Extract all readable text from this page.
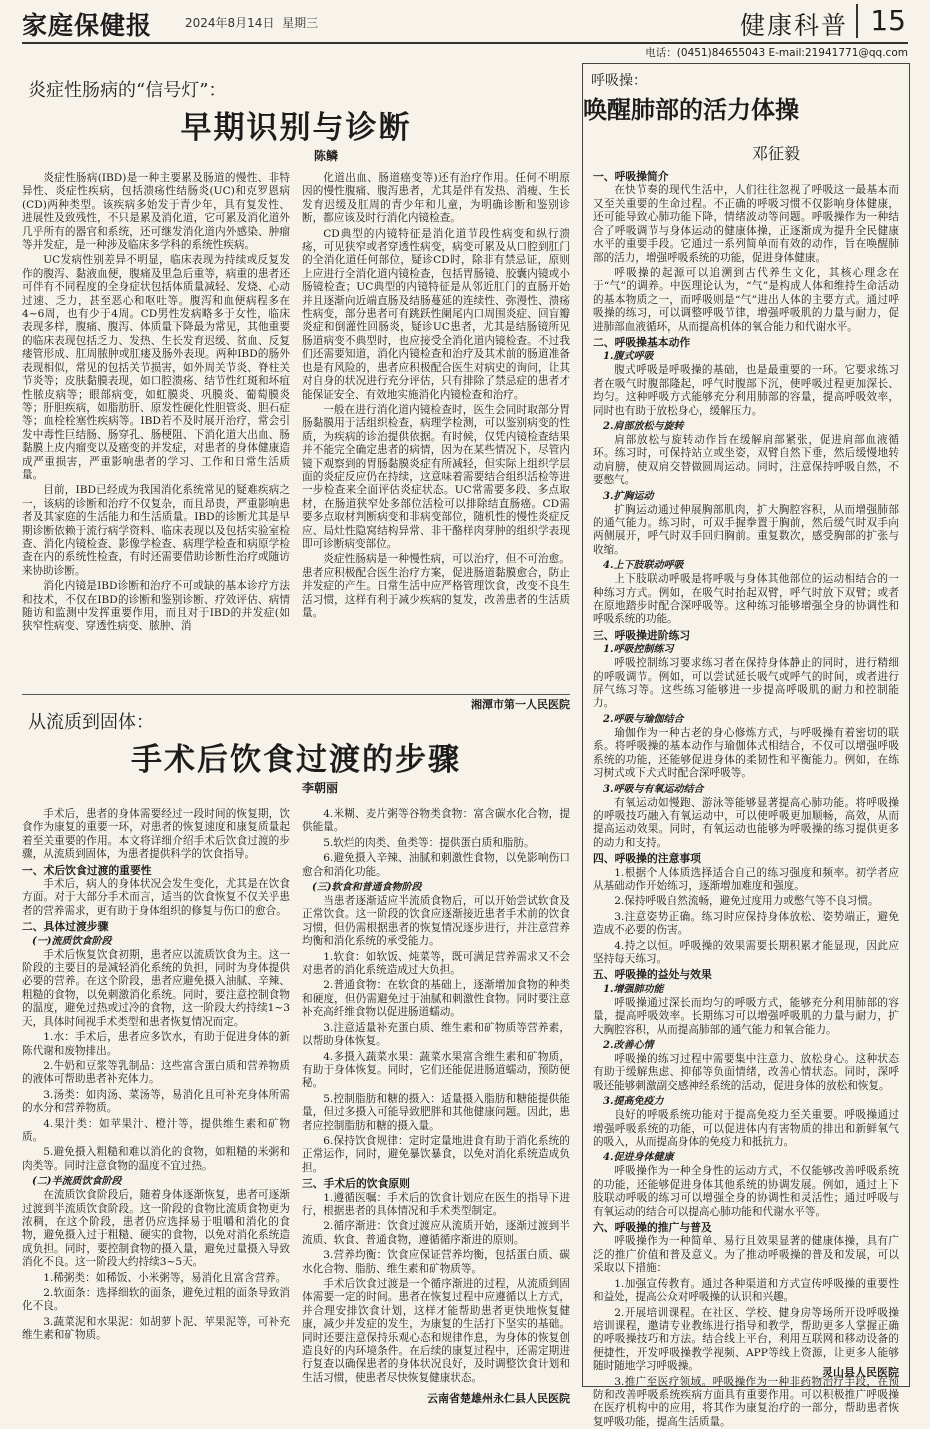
家庭保健报	2024年8月14日 星期三	健康科普 15
电话：(0451)84655043 E-mail:21941771@qq.com
炎症性肠病的“信号灯”：
早期识别与诊断
陈鳞

炎症性肠病(IBD)是一种主要累及肠道的慢性、非特异性、炎症性疾病，包括溃疡性结肠炎(UC)和克罗恩病(CD)两种类型。该疾病多始发于青少年，具有复发性、进展性及致残性，不只是累及消化道，它可累及消化道外几乎所有的器官和系统，还可继发消化道内外感染、肿瘤等并发症，是一种涉及临床多学科的系统性疾病。

UC发病性别差异不明显，临床表现为持续或反复发作的腹泻、黏液血便，腹痛及里急后重等，病重的患者还可伴有不同程度的全身症状包括体质量减轻、发烧、心动过速、乏力，甚至恶心和呕吐等。腹泻和血便病程多在4~6周，也有少于4周。CD男性发病略多于女性，临床表现多样，腹痛、腹泻、体质量下降最为常见，其他重要的临床表现包括乏力、发热、生长发育迟缓、贫血、反复瘘管形成、肛周脓肿或肛瘘及肠外表现。两种IBD的肠外表现相似，常见的包括关节损害，如外周关节炎、脊柱关节炎等；皮肤黏膜表现，如口腔溃疡、结节性红斑和坏疽性脓皮病等；眼部病变，如虹膜炎、巩膜炎、葡萄膜炎等；肝胆疾病，如脂肪肝、原发性硬化性胆管炎、胆石症等；血栓栓塞性疾病等。IBD若不及时展开治疗，常会引发中毒性巨结肠、肠穿孔、肠梗阻、下消化道大出血、肠黏膜上皮内瘤变以及癌变的并发症，对患者的身体健康造成严重损害，严重影响患者的学习、工作和日常生活质量。

目前，IBD已经成为我国消化系统常见的疑难疾病之一，该病的诊断和治疗不仅复杂，而且昂贵，严重影响患者及其家庭的生活能力和生活质量。IBD的诊断尤其是早期诊断依赖于流行病学资料、临床表现以及包括实验室检查、消化内镜检查、影像学检查、病理学检查和病原学检查在内的系统性检查，有时还需要借助诊断性治疗或随访来协助诊断。

消化内镜是IBD诊断和治疗不可或缺的基本诊疗方法和技术，不仅在IBD的诊断和鉴别诊断、疗效评估、病情随访和监测中发挥重要作用，而且对于IBD的并发症(如狭窄性病变、穿透性病变、脓肿、消

化道出血、肠道癌变等)还有治疗作用。任何不明原因的慢性腹痛、腹泻患者，尤其是伴有发热、消瘦、生长发育迟缓及肛周的青少年和儿童，为明确诊断和鉴别诊断，都应该及时行消化内镜检查。

CD典型的内镜特征是消化道节段性病变和纵行溃疡，可见狭窄或者穿透性病变，病变可累及从口腔到肛门的全消化道任何部位，疑诊CD时，除非有禁忌证，原则上应进行全消化道内镜检查，包括胃肠镜、胶囊内镜或小肠镜检查；UC典型的内镜特征是从邻近肛门的直肠开始并且逐渐向近端直肠及结肠蔓延的连续性、弥漫性、溃疡性病变，部分患者可有跳跃性阑尾内口周围炎症、回盲瓣炎症和倒灌性回肠炎，疑诊UC患者，尤其是结肠镜所见肠道病变不典型时，也应接受全消化道内镜检查。不过我们还需要知道，消化内镜检查和治疗及其术前的肠道准备也是有风险的，患者应积极配合医生对病史的询问，让其对自身的状况进行充分评估，只有排除了禁忌症的患者才能保证安全、有效地实施消化内镜检查和治疗。

一般在进行消化道内镜检查时，医生会同时取部分胃肠黏膜用于活组织检查，病理学检测，可以鉴别病变的性质，为疾病的诊治提供依据。有时候，仅凭内镜检查结果并不能完全确定患者的病情，因为在某些情况下，尽管内镜下观察到的胃肠黏膜炎症有所减轻，但实际上组织学层面的炎症反应仍在持续，这意味着需要结合组织活检等进一步检查来全面评估炎症状态。UC常需要多段、多点取材，在肠道狭窄处多部位活检可以排除结直肠癌。CD需要多点取材判断病变和非病变部位，随机性的慢性炎症反应、局灶性隐窝结构异常、非干酪样肉芽肿的组织学表现即可诊断病变部位。

炎症性肠病是一种慢性病，可以治疗，但不可治愈。患者应积极配合医生治疗方案，促进肠道黏膜愈合，防止并发症的产生。日常生活中应严格管理饮食，改变不良生活习惯，这样有利于减少疾病的复发，改善患者的生活质量。

湘潭市第一人民医院
从流质到固体：
手术后饮食过渡的步骤
李朝丽

手术后，患者的身体需要经过一段时间的恢复期，饮食作为康复的重要一环，对患者的恢复速度和康复质量起着至关重要的作用。本文将详细介绍手术后饮食过渡的步骤，从流质到固体，为患者提供科学的饮食指导。

一、术后饮食过渡的重要性

手术后，病人的身体状况会发生变化，尤其是在饮食方面。对于大部分手术而言，适当的饮食恢复不仅关乎患者的营养需求，更有助于身体组织的修复与伤口的愈合。

二、具体过渡步骤
(一)流质饮食阶段

手术后恢复饮食初期，患者应以流质饮食为主。这一阶段的主要目的是减轻消化系统的负担，同时为身体提供必要的营养。在这个阶段，患者应避免摄入油腻、辛辣、粗糙的食物，以免刺激消化系统。同时，要注意控制食物的温度，避免过热或过冷的食物，这一阶段大约持续1~3天，具体时间视手术类型和患者恢复情况而定。

1.水：手术后，患者应多饮水，有助于促进身体的新陈代谢和废物排出。

2.牛奶和豆浆等乳制品：这些富含蛋白质和营养物质的液体可帮助患者补充体力。

3.汤类：如肉汤、菜汤等，易消化且可补充身体所需的水分和营养物质。

4.果汁类：如苹果汁、橙汁等，提供维生素和矿物质。

5.避免摄入粗糙和难以消化的食物，如粗糙的米粥和肉类等。同时注意食物的温度不宜过热。

(二)半流质饮食阶段

在流质饮食阶段后，随着身体逐渐恢复，患者可逐渐过渡到半流质饮食阶段。这一阶段的食物比流质食物更为浓稠，在这个阶段，患者仍应选择易于咀嚼和消化的食物，避免摄入过于粗糙、硬实的食物，以免对消化系统造成负担。同时，要控制食物的摄入量，避免过量摄入导致消化不良。这一阶段大约持续3~5天。

1.稀粥类：如稀饭、小米粥等，易消化且富含营养。

2.软面条：选择细软的面条，避免过粗的面条导致消化不良。

3.蔬菜泥和水果泥：如胡萝卜泥、苹果泥等，可补充维生素和矿物质。

4.米糊、麦片粥等谷物类食物：富含碳水化合物，提供能量。

5.软烂的肉类、鱼类等：提供蛋白质和脂肪。

6.避免摄入辛辣、油腻和刺激性食物，以免影响伤口愈合和消化功能。

(三)软食和普通食物阶段

当患者逐渐适应半流质食物后，可以开始尝试软食及正常饮食。这一阶段的饮食应逐渐接近患者手术前的饮食习惯，但仍需根据患者的恢复情况逐步进行，并注意营养均衡和消化系统的承受能力。

1.软食：如软饭、炖菜等，既可满足营养需求又不会对患者的消化系统造成过大负担。

2.普通食物：在软食的基础上，逐渐增加食物的种类和硬度，但仍需避免过于油腻和刺激性食物。同时要注意补充高纤维食物以促进肠道蠕动。

3.注意适量补充蛋白质、维生素和矿物质等营养素，以帮助身体恢复。

4.多摄入蔬菜水果：蔬菜水果富含维生素和矿物质，有助于身体恢复。同时，它们还能促进肠道蠕动，预防便秘。

5.控制脂肪和糖的摄入：适量摄入脂肪和糖能提供能量，但过多摄入可能导致肥胖和其他健康问题。因此，患者应控制脂肪和糖的摄入量。

6.保持饮食规律：定时定量地进食有助于消化系统的正常运作，同时，避免暴饮暴食，以免对消化系统造成负担。

三、手术后的饮食原则

1.遵循医嘱：手术后的饮食计划应在医生的指导下进行，根据患者的具体情况和手术类型制定。

2.循序渐进：饮食过渡应从流质开始，逐渐过渡到半流质、软食、普通食物，遵循循序渐进的原则。

3.营养均衡：饮食应保证营养均衡，包括蛋白质、碳水化合物、脂肪、维生素和矿物质等。

手术后饮食过渡是一个循序渐进的过程，从流质到固体需要一定的时间。患者在恢复过程中应遵循以上方式，并合理安排饮食计划，这样才能帮助患者更快地恢复健康，减少并发症的发生，为康复的生活打下坚实的基础。同时还要注意保持乐观心态和规律作息，为身体的恢复创造良好的内环境条件。在后续的康复过程中，还需定期进行复查以确保患者的身体状况良好，及时调整饮食计划和生活习惯，使患者尽快恢复健康状态。

云南省楚雄州永仁县人民医院
呼吸操：
唤醒肺部的活力体操
邓征毅
一、呼吸操简介

在快节奏的现代生活中，人们往往忽视了呼吸这一最基本而又至关重要的生命过程。不正确的呼吸习惯不仅影响身体健康，还可能导致心肺功能下降，情绪波动等问题。呼吸操作为一种结合了呼吸调节与身体运动的健康体操，正逐渐成为提升全民健康水平的重要手段。它通过一系列简单而有效的动作，旨在唤醒肺部的活力，增强呼吸系统的功能，促进身体健康。

呼吸操的起源可以追溯到古代养生文化，其核心理念在于“气”的调养。中医理论认为，“气”是构成人体和维持生命活动的基本物质之一，而呼吸则是“气”进出人体的主要方式。通过呼吸操的练习，可以调整呼吸节律，增强呼吸肌的力量与耐力，促进肺部血液循环，从而提高机体的氧合能力和代谢水平。

二、呼吸操基本动作
1.腹式呼吸

腹式呼吸是呼吸操的基础，也是最重要的一环。它要求练习者在吸气时腹部隆起，呼气时腹部下沉，使呼吸过程更加深长、均匀。这种呼吸方式能够充分利用肺部的容量，提高呼吸效率，同时也有助于放松身心，缓解压力。

2.肩部放松与旋转

肩部放松与旋转动作旨在缓解肩部紧张，促进肩部血液循环。练习时，可保持站立或坐姿，双臂自然下垂，然后缓慢地转动肩膀，使双肩交替做圆周运动。同时，注意保持呼吸自然，不要憋气。

3.扩胸运动

扩胸运动通过伸展胸部肌肉，扩大胸腔容积，从而增强肺部的通气能力。练习时，可双手握拳置于胸前，然后缓气时双手向两侧展开，呼气时双手回归胸前。重复数次，感受胸部的扩张与收缩。

4.上下肢联动呼吸

上下肢联动呼吸是将呼吸与身体其他部位的运动相结合的一种练习方式。例如，在吸气时抬起双臂，呼气时放下双臂；或者在原地踏步时配合深呼吸等。这种练习能够增强全身的协调性和呼吸系统的功能。

三、呼吸操进阶练习
1.呼吸控制练习

呼吸控制练习要求练习者在保持身体静止的同时，进行精细的呼吸调节。例如，可以尝试延长吸气或呼气的时间，或者进行屏气练习等。这些练习能够进一步提高呼吸肌的耐力和控制能力。

2.呼吸与瑜伽结合

瑜伽作为一种古老的身心修炼方式，与呼吸操有着密切的联系。将呼吸操的基本动作与瑜伽体式相结合，不仅可以增强呼吸系统的功能，还能够促进身体的柔韧性和平衡能力。例如，在练习树式或下犬式时配合深呼吸等。

3.呼吸与有氧运动结合

有氧运动如慢跑、游泳等能够显著提高心肺功能。将呼吸操的呼吸技巧融入有氧运动中，可以使呼吸更加顺畅，高效，从而提高运动效果。同时，有氧运动也能够为呼吸操的练习提供更多的动力和支持。

四、呼吸操的注意事项

1.根据个人体质选择适合自己的练习强度和频率。初学者应从基础动作开始练习，逐渐增加难度和强度。

2.保持呼吸自然流畅，避免过度用力或憋气等不良习惯。

3.注意姿势正确。练习时应保持身体放松、姿势端正，避免造成不必要的伤害。

4.持之以恒。呼吸操的效果需要长期积累才能显现，因此应坚持每天练习。

五、呼吸操的益处与效果
1.增强肺功能

呼吸操通过深长而均匀的呼吸方式，能够充分利用肺部的容量，提高呼吸效率。长期练习可以增强呼吸肌的力量与耐力，扩大胸腔容积，从而提高肺部的通气能力和氧合能力。

2.改善心情

呼吸操的练习过程中需要集中注意力、放松身心。这种状态有助于缓解焦虑、抑郁等负面情绪，改善心情状态。同时，深呼吸还能够刺激副交感神经系统的活动，促进身体的放松和恢复。

3.提高免疫力

良好的呼吸系统功能对于提高免疫力至关重要。呼吸操通过增强呼吸系统的功能，可以促进体内有害物质的排出和新鲜氧气的吸入，从而提高身体的免疫力和抵抗力。

4.促进身体健康

呼吸操作为一种全身性的运动方式，不仅能够改善呼吸系统的功能，还能够促进身体其他系统的协调发展。例如，通过上下肢联动呼吸的练习可以增强全身的协调性和灵活性；通过呼吸与有氧运动的结合可以提高心肺功能和代谢水平等。

六、呼吸操的推广与普及

呼吸操作为一种简单、易行且效果显著的健康体操，具有广泛的推广价值和普及意义。为了推动呼吸操的普及和发展，可以采取以下措施：

1.加强宣传教育。通过各种渠道和方式宣传呼吸操的重要性和益处，提高公众对呼吸操的认识和兴趣。

2.开展培训课程。在社区、学校、健身房等场所开设呼吸操培训课程，邀请专业教练进行指导和教学，帮助更多人掌握正确的呼吸操技巧和方法。结合线上平台，利用互联网和移动设备的便捷性，开发呼吸操教学视频、APP等线上资源，让更多人能够随时随地学习呼吸操。

3.推广至医疗领域。呼吸操作为一种非药物治疗手段，在预防和改善呼吸系统疾病方面具有重要作用。可以积极推广呼吸操在医疗机构中的应用，将其作为康复治疗的一部分，帮助患者恢复呼吸功能，提高生活质量。

灵山县人民医院
